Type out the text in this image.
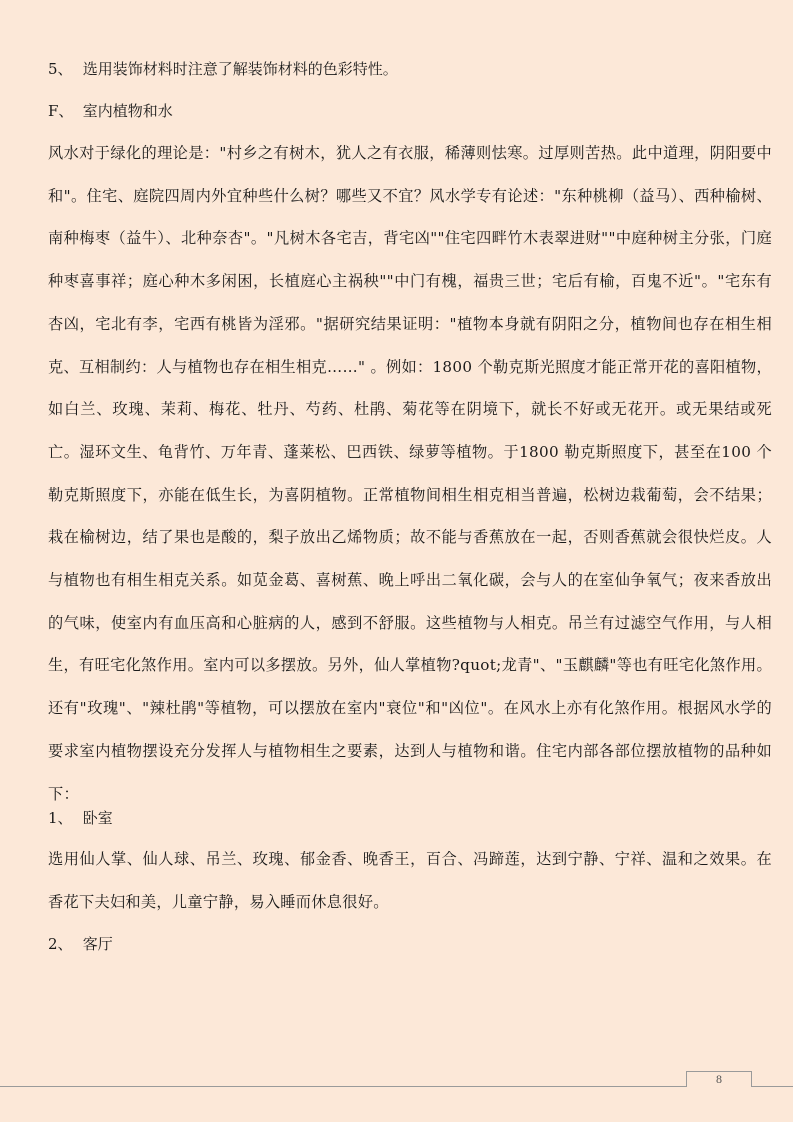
5、 选用装饰材料时注意了解装饰材料的色彩特性。
F、 室内植物和水
风水对于绿化的理论是："村乡之有树木，犹人之有衣服，稀薄则怯寒。过厚则苦热。此中道理，阴阳要中和"。住宅、庭院四周内外宜种些什么树？哪些又不宜？风水学专有论述："东种桃柳（益马）、西种榆树、南种梅枣（益牛）、北种奈杏"。"凡树木各宅吉，背宅凶""住宅四畔竹木表翠进财""中庭种树主分张，门庭种枣喜事祥；庭心种木多闲困，长植庭心主祸秧""中门有槐，福贵三世；宅后有榆，百鬼不近"。"宅东有杏凶，宅北有李，宅西有桃皆为淫邪。"据研究结果证明："植物本身就有阴阳之分，植物间也存在相生相克、互相制约：人与植物也存在相生相克……" 。例如：1800 个勒克斯光照度才能正常开花的喜阳植物，如白兰、玫瑰、茉莉、梅花、牡丹、芍药、杜鹃、菊花等在阴境下，就长不好或无花开。或无果结或死亡。湿环文生、龟背竹、万年青、蓬莱松、巴西铁、绿萝等植物。于1800 勒克斯照度下，甚至在100 个勒克斯照度下，亦能在低生长，为喜阴植物。正常植物间相生相克相当普遍，松树边栽葡萄，会不结果；栽在榆树边，结了果也是酸的，梨子放出乙烯物质；故不能与香蕉放在一起，否则香蕉就会很快烂皮。人与植物也有相生相克关系。如苋金葛、喜树蕉、晚上呼出二氧化碳，会与人的在室仙争氧气；夜来香放出的气味，使室内有血压高和心脏病的人，感到不舒服。这些植物与人相克。吊兰有过滤空气作用，与人相生，有旺宅化煞作用。室内可以多摆放。另外，仙人掌植物?quot;龙青"、"玉麒麟"等也有旺宅化煞作用。还有"玫瑰"、"辣杜鹃"等植物，可以摆放在室内"衰位"和"凶位"。在风水上亦有化煞作用。根据风水学的要求室内植物摆设充分发挥人与植物相生之要素，达到人与植物和谐。住宅内部各部位摆放植物的品种如下：
1、 卧室
选用仙人掌、仙人球、吊兰、玫瑰、郁金香、晚香王，百合、冯蹄莲，达到宁静、宁祥、温和之效果。在香花下夫妇和美，儿童宁静，易入睡而休息很好。
2、 客厅
8
